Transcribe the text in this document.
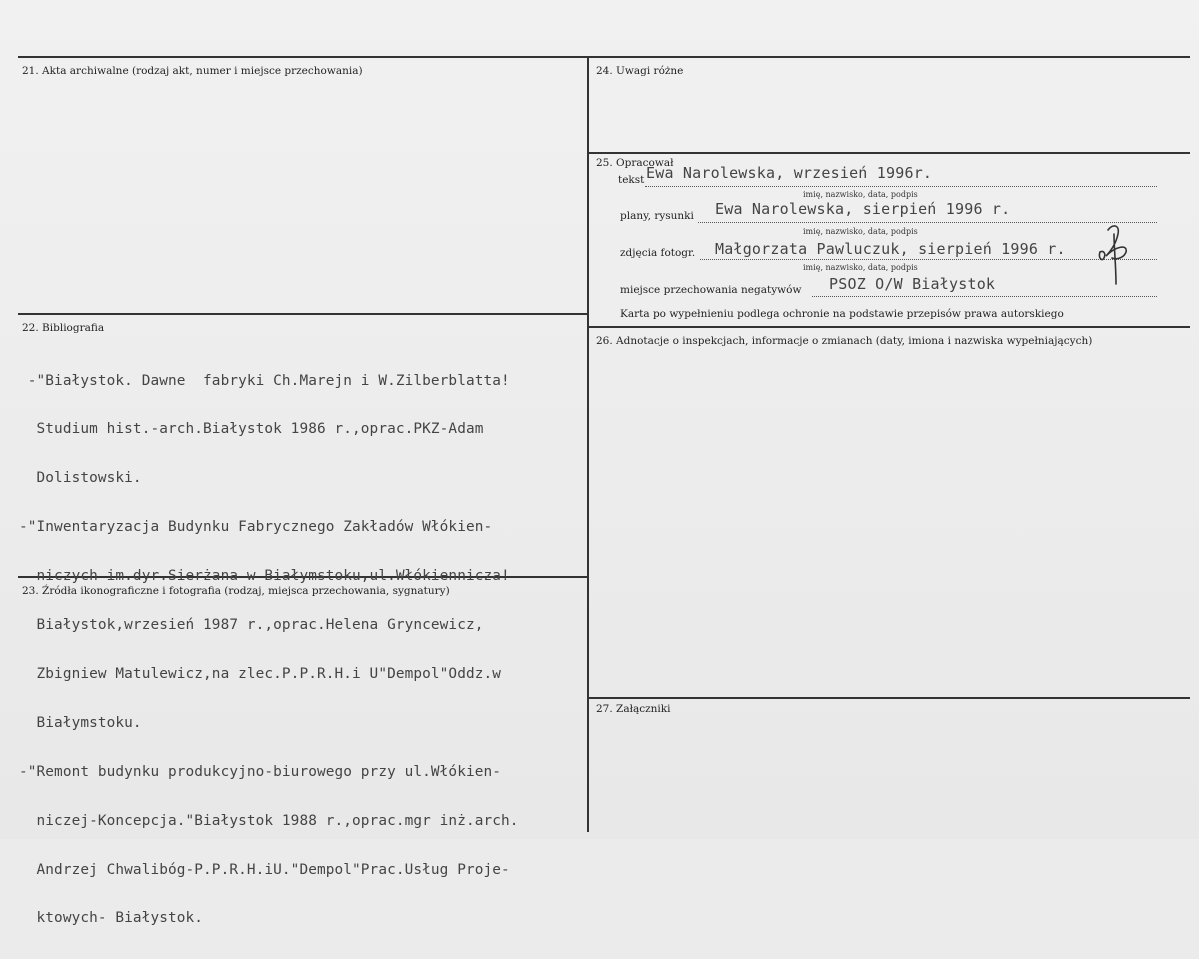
21. Akta archiwalne (rodzaj akt, numer i miejsce przechowania)
22. Bibliografia
23. Źródła ikonograficzne i fotografia (rodzaj, miejsca przechowania, sygnatury)
24. Uwagi różne
25. Opracował
26. Adnotacje o inspekcjach, informacje o zmianach (daty, imiona i nazwiska wypełniających)
27. Załączniki
tekst Ewa Narolewska, wrzesień 1996r.
imię, nazwisko, data, podpis
plany, rysunki Ewa Narolewska, sierpień 1996 r.
imię, nazwisko, data, podpis
zdjęcia fotogr. Małgorzata Pawluczuk, sierpień 1996 r.
imię, nazwisko, data, podpis
miejsce przechowania negatywów PSOZ O/W Białystok
Karta po wypełnieniu podlega ochronie na podstawie przepisów prawa autorskiego

-"Białystok. Dawne  fabryki Ch.Marejn i W.Zilberblatta!

Studium hist.-arch.Białystok 1986 r.,oprac.PKZ-Adam

Dolistowski.

-"Inwentaryzacja Budynku Fabrycznego Zakładów Włókien-

niczych im.dyr.Sierżana w Białymstoku,ul.Włókiennicza!

Białystok,wrzesień 1987 r.,oprac.Helena Gryncewicz,

Zbigniew Matulewicz,na zlec.P.P.R.H.i U"Dempol"Oddz.w

Białymstoku.

-"Remont budynku produkcyjno-biurowego przy ul.Włókien-

niczej-Koncepcja."Białystok 1988 r.,oprac.mgr inż.arch.

Andrzej Chwalibóg-P.P.R.H.iU."Dempol"Prac.Usług Proje-

ktowych- Białystok.
